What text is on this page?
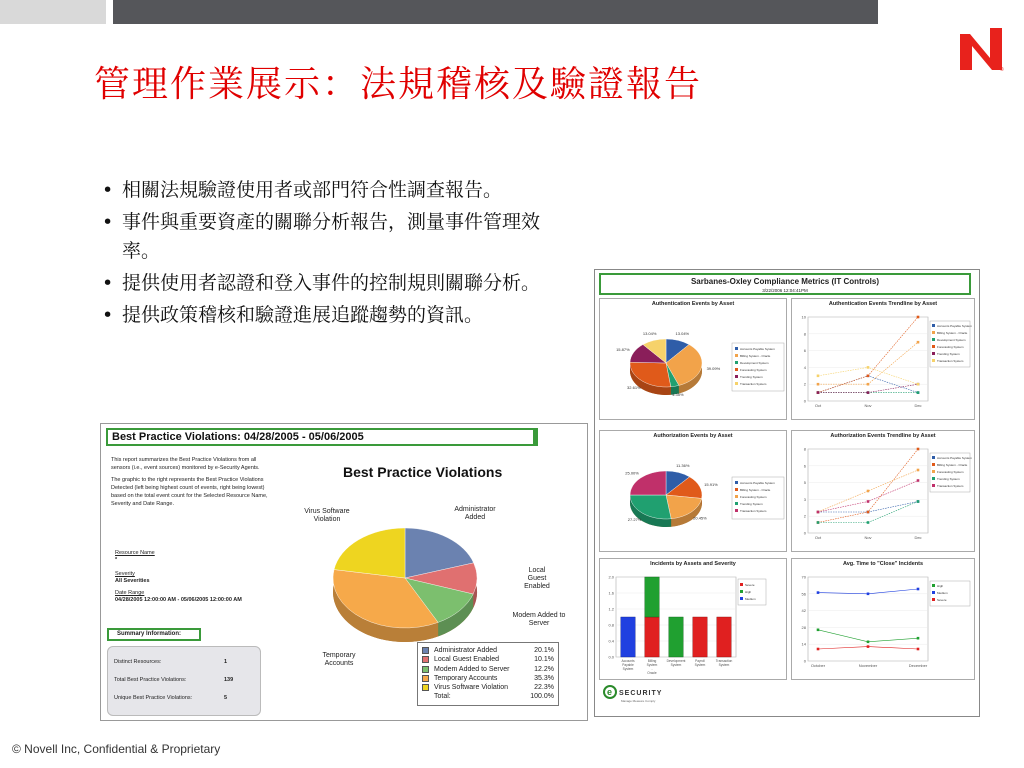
®
管理作業展示：法規稽核及驗證報告
• 相關法規驗證使用者或部門符合性調查報告。
• 事件與重要資產的關聯分析報告，測量事件管理效率。
• 提供使用者認證和登入事件的控制規則關聯分析。
• 提供政策稽核和驗證進展追蹤趨勢的資訊。
Best Practice Violations: 04/28/2005 - 05/06/2005

This report summarizes the Best Practice Violations from all sensors (i.e., event sources) monitored by e-Security Agents.

The graphic to the right represents the Best Practice Violations Detected (left being highest count of events, right being lowest) based on the total event count for the Selected Resource Name, Severity and Date Range.

Resource Name
*
Severity
All Severities
Date Range
04/28/2005 12:00:00 AM - 05/06/2005 12:00:00 AM
Summary Information:
Distinct Resources:	1
Total Best Practice Violations:	139
Unique Best Practice Violations:	5
Best Practice Violations
Virus Software Violation
Administrator Added
Local Guest Enabled
Modem Added to Server
Temporary Accounts
Administrator Added	20.1%
Local Guest Enabled	10.1%
Modem Added to Server	12.2%
Temporary Accounts	35.3%
Virus Software Violation	22.3%
Total:	100.0%
Sarbanes-Oxley Compliance Metrics (IT Controls)
3/22/2006 12:04:41PM
Authentication Events by Asset
13.04%
39.09%
4.35%
32.61%
15.87%
13.04%
Accounts Payable System
Billing System - Oracle
Development System
Forecasting System
Trending System
Transaction System
Authentication Events Trendline by Asset
0
2
4
6
8
10
Oct	Nov	Dec
Accounts Payable System
Billing System - Oracle
Development System
Forecasting System
Trending System
Transaction System
Authorization Events by Asset
11.36%
15.91%
20.45%
27.27%
25.00%
Accounts Payable System
Billing System - Oracle
Forecasting System
Trending System
Transaction System
Authorization Events Trendline by Asset
0
2
3
5
6
8
Oct	Nov	Dec
Accounts Payable System
Billing System - Oracle
Forecasting System
Trending System
Transaction System
Incidents by Assets and Severity
0.0
0.4
0.8
1.2
1.6
2.0
Accounts
Payable
System
Billing
System
-
Oracle
Development
System
Payroll
System
Transaction
System
Severe
High
Medium
Avg. Time to "Close" Incidents
0
14
28
42
56
70
October	November	December
High
Medium
Severe
e SECURITY
Manage Measure Comply
© Novell Inc, Confidential & Proprietary
